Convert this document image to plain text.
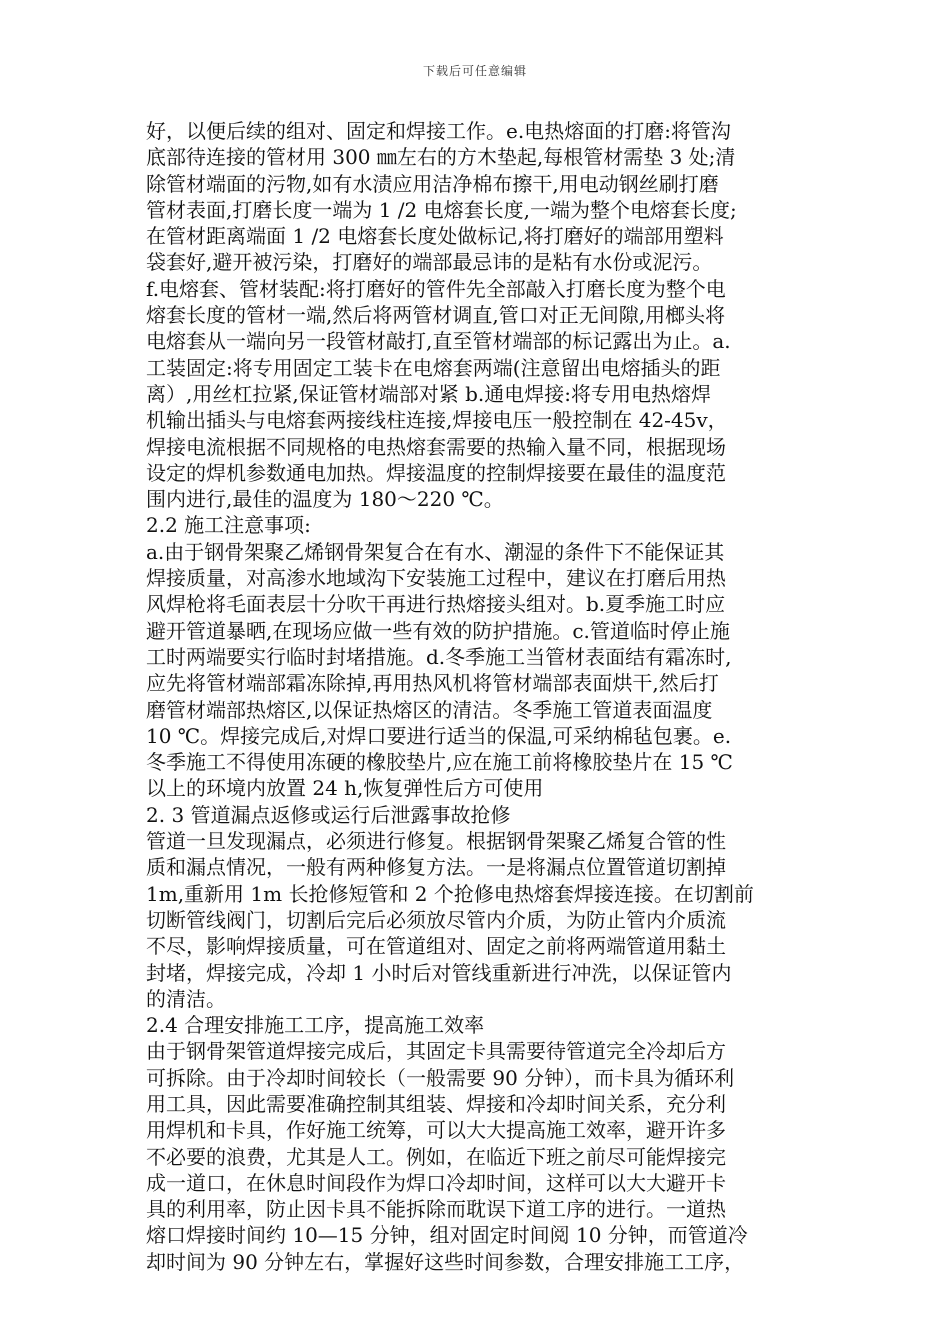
下载后可任意编辑
好，以便后续的组对、固定和焊接工作。e.电热熔面的打磨:将管沟
底部待连接的管材用 300 ㎜左右的方木垫起,每根管材需垫 3 处;清
除管材端面的污物,如有水渍应用洁净棉布擦干,用电动钢丝刷打磨
管材表面,打磨长度一端为 1 /2 电熔套长度,一端为整个电熔套长度;
在管材距离端面 1 /2 电熔套长度处做标记,将打磨好的端部用塑料
袋套好,避开被污染，打磨好的端部最忌讳的是粘有水份或泥污。
f.电熔套、管材装配:将打磨好的管件先全部敲入打磨长度为整个电
熔套长度的管材一端,然后将两管材调直,管口对正无间隙,用榔头将
电熔套从一端向另一段管材敲打,直至管材端部的标记露出为止。a.
工装固定:将专用固定工装卡在电熔套两端(注意留出电熔插头的距
离）,用丝杠拉紧,保证管材端部对紧 b.通电焊接:将专用电热熔焊
机输出插头与电熔套两接线柱连接,焊接电压一般控制在 42-45v，
焊接电流根据不同规格的电热熔套需要的热输入量不同，根据现场
设定的焊机参数通电加热。焊接温度的控制焊接要在最佳的温度范
围内进行,最佳的温度为 180～220 ℃。
2.2 施工注意事项:
a.由于钢骨架聚乙烯钢骨架复合在有水、潮湿的条件下不能保证其
焊接质量，对高渗水地域沟下安装施工过程中，建议在打磨后用热
风焊枪将毛面表层十分吹干再进行热熔接头组对。b.夏季施工时应
避开管道暴晒,在现场应做一些有效的防护措施。c.管道临时停止施
工时两端要实行临时封堵措施。d.冬季施工当管材表面结有霜冻时,
应先将管材端部霜冻除掉,再用热风机将管材端部表面烘干,然后打
磨管材端部热熔区,以保证热熔区的清洁。冬季施工管道表面温度
10 ℃。焊接完成后,对焊口要进行适当的保温,可采纳棉毡包裹。e.
冬季施工不得使用冻硬的橡胶垫片,应在施工前将橡胶垫片在 15 ℃
以上的环境内放置 24 h,恢复弹性后方可使用
2. 3 管道漏点返修或运行后泄露事故抢修
管道一旦发现漏点，必须进行修复。根据钢骨架聚乙烯复合管的性
质和漏点情况，一般有两种修复方法。一是将漏点位置管道切割掉
1m,重新用 1m 长抢修短管和 2 个抢修电热熔套焊接连接。在切割前
切断管线阀门，切割后完后必须放尽管内介质，为防止管内介质流
不尽，影响焊接质量，可在管道组对、固定之前将两端管道用黏土
封堵，焊接完成，冷却 1 小时后对管线重新进行冲洗，以保证管内
的清洁。
2.4 合理安排施工工序，提高施工效率
由于钢骨架管道焊接完成后，其固定卡具需要待管道完全冷却后方
可拆除。由于冷却时间较长（一般需要 90 分钟），而卡具为循环利
用工具，因此需要准确控制其组装、焊接和冷却时间关系，充分利
用焊机和卡具，作好施工统筹，可以大大提高施工效率，避开许多
不必要的浪费，尤其是人工。例如，在临近下班之前尽可能焊接完
成一道口，在休息时间段作为焊口冷却时间，这样可以大大避开卡
具的利用率，防止因卡具不能拆除而耽误下道工序的进行。一道热
熔口焊接时间约 10—15 分钟，组对固定时间阅 10 分钟，而管道冷
却时间为 90 分钟左右，掌握好这些时间参数，合理安排施工工序，
